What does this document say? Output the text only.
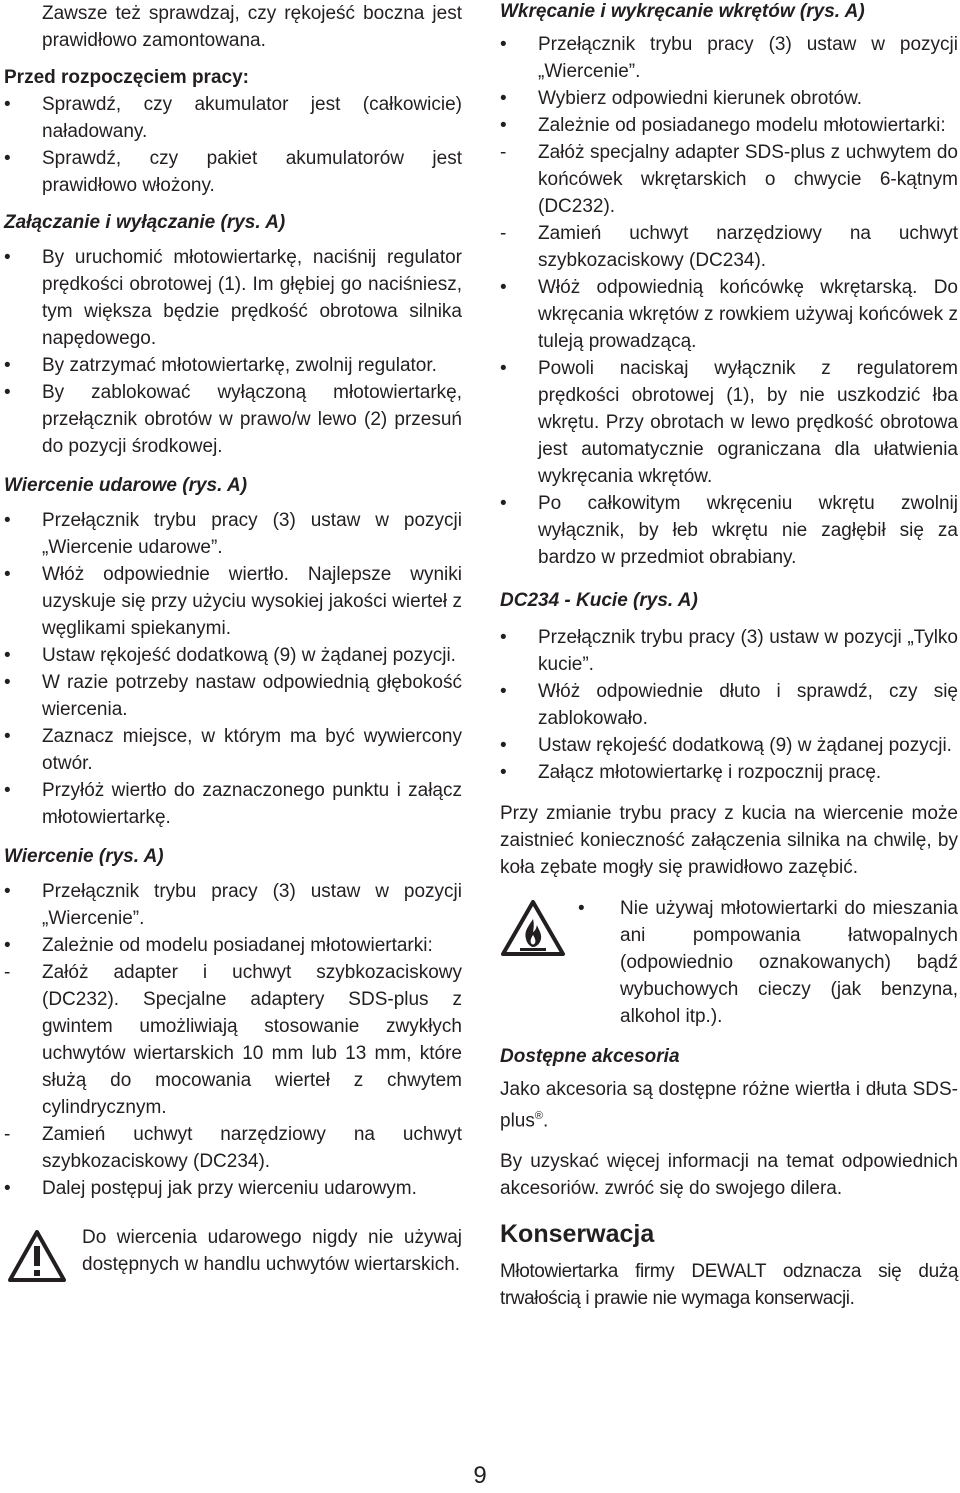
Zawsze też sprawdzaj, czy rękojeść boczna jest prawidłowo zamontowana.
Przed rozpoczęciem pracy:
• Sprawdź, czy akumulator jest (całkowicie) naładowany.
• Sprawdź, czy pakiet akumulatorów jest prawidłowo włożony.
Załączanie i wyłączanie (rys. A)
• By uruchomić młotowiertarkę, naciśnij regulator prędkości obrotowej (1). Im głębiej go naciśniesz, tym większa będzie prędkość obrotowa silnika napędowego.
• By zatrzymać młotowiertarkę, zwolnij regulator.
• By zablokować wyłączoną młotowiertarkę, przełącznik obrotów w prawo/w lewo (2) przesuń do pozycji środkowej.
Wiercenie udarowe (rys. A)
• Przełącznik trybu pracy (3) ustaw w pozycji „Wiercenie udarowe”.
• Włóż odpowiednie wiertło. Najlepsze wyniki uzyskuje się przy użyciu wysokiej jakości wierteł z węglikami spiekanymi.
• Ustaw rękojeść dodatkową (9) w żądanej pozycji.
• W razie potrzeby nastaw odpowiednią głębokość wiercenia.
• Zaznacz miejsce, w którym ma być wywiercony otwór.
• Przyłóż wiertło do zaznaczonego punktu i załącz młotowiertarkę.
Wiercenie (rys. A)
• Przełącznik trybu pracy (3) ustaw w pozycji „Wiercenie”.
• Zależnie od modelu posiadanej młotowiertarki:
- Załóż adapter i uchwyt szybkozaciskowy (DC232). Specjalne adaptery SDS-plus z gwintem umożliwiają stosowanie zwykłych uchwytów wiertarskich 10 mm lub 13 mm, które służą do mocowania wierteł z chwytem cylindrycznym.
- Zamień uchwyt narzędziowy na uchwyt szybkozaciskowy (DC234).
• Dalej postępuj jak przy wierceniu udarowym.
Do wiercenia udarowego nigdy nie używaj dostępnych w handlu uchwytów wiertarskich.
Wkręcanie i wykręcanie wkrętów (rys. A)
• Przełącznik trybu pracy (3) ustaw w pozycji „Wiercenie”.
• Wybierz odpowiedni kierunek obrotów.
• Zależnie od posiadanego modelu młotowiertarki:
- Załóż specjalny adapter SDS-plus z uchwytem do końcówek wkrętarskich o chwycie 6-kątnym (DC232).
- Zamień uchwyt narzędziowy na uchwyt szybkozaciskowy (DC234).
• Włóż odpowiednią końcówkę wkrętarską. Do wkręcania wkrętów z rowkiem używaj końcówek z tuleją prowadzącą.
• Powoli naciskaj wyłącznik z regulatorem prędkości obrotowej (1), by nie uszkodzić łba wkrętu. Przy obrotach w lewo prędkość obrotowa jest automatycznie ograniczana dla ułatwienia wykręcania wkrętów.
• Po całkowitym wkręceniu wkrętu zwolnij wyłącznik, by łeb wkrętu nie zagłębił się za bardzo w przedmiot obrabiany.
DC234 - Kucie (rys. A)
• Przełącznik trybu pracy (3) ustaw w pozycji „Tylko kucie”.
• Włóż odpowiednie dłuto i sprawdź, czy się zablokowało.
• Ustaw rękojeść dodatkową (9) w żądanej pozycji.
• Załącz młotowiertarkę i rozpocznij pracę.
Przy zmianie trybu pracy z kucia na wiercenie może zaistnieć konieczność załączenia silnika na chwilę, by koła zębate mogły się prawidłowo zazębić.
• Nie używaj młotowiertarki do mieszania ani pompowania łatwopalnych (odpowiednio oznakowanych) bądź wybuchowych cieczy (jak benzyna, alkohol itp.).
Dostępne akcesoria
Jako akcesoria są dostępne różne wiertła i dłuta SDS-plus®.
By uzyskać więcej informacji na temat odpowiednich akcesoriów. zwróć się do swojego dilera.
Konserwacja
Młotowiertarka firmy DEWALT odznacza się dużą trwałością i prawie nie wymaga konserwacji.
9
